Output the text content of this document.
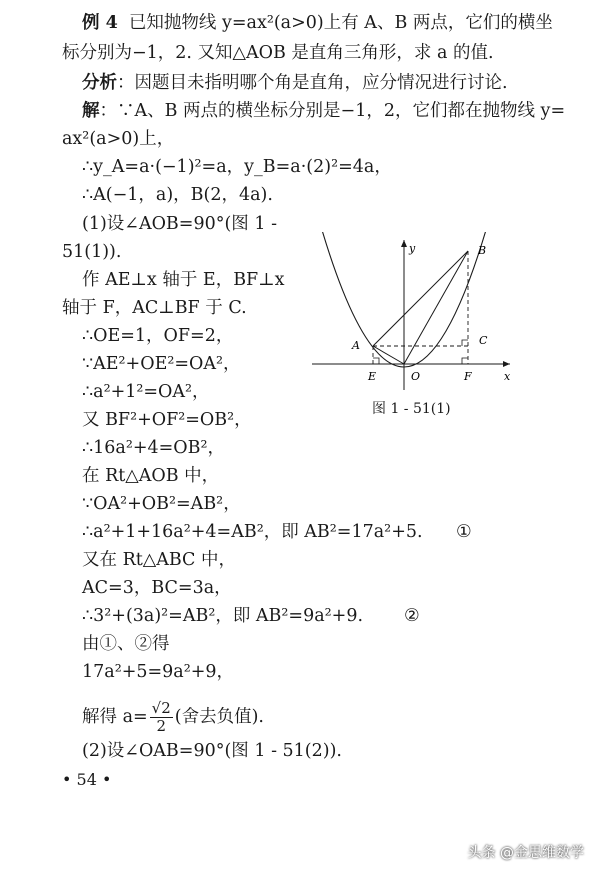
例 4 已知抛物线 y=ax²(a>0)上有 A、B 两点，它们的横坐
标分别为−1，2. 又知△AOB 是直角三角形，求 a 的值.
分析：因题目未指明哪个角是直角，应分情况进行讨论.
解：∵A、B 两点的横坐标分别是−1，2，它们都在抛物线 y=
ax²(a>0)上，
∴y_A=a·(−1)²=a，y_B=a·(2)²=4a，
∴A(−1，a)，B(2，4a).
(1)设∠AOB=90°(图 1 -
51(1)).
作 AE⊥x 轴于 E，BF⊥x
轴于 F，AC⊥BF 于 C.
∴OE=1，OF=2，
∵AE²+OE²=OA²，
∴a²+1²=OA²，
又 BF²+OF²=OB²，
∴16a²+4=OB²，
在 Rt△AOB 中，
∵OA²+OB²=AB²，
∴a²+1+16a²+4=AB²，即 AB²=17a²+5. ①
又在 Rt△ABC 中，
AC=3，BC=3a，
∴3²+(3a)²=AB²，即 AB²=9a²+9. ②
由①、②得
17a²+5=9a²+9，
解得 $a= \frac{√2}{2}$ (舍去负值).
(2)设∠OAB=90°(图 1 - 51(2)).
y
x
A
B
C
E	O	F
图 1 - 51(1)
• 54 •
头条 @金思维数学
